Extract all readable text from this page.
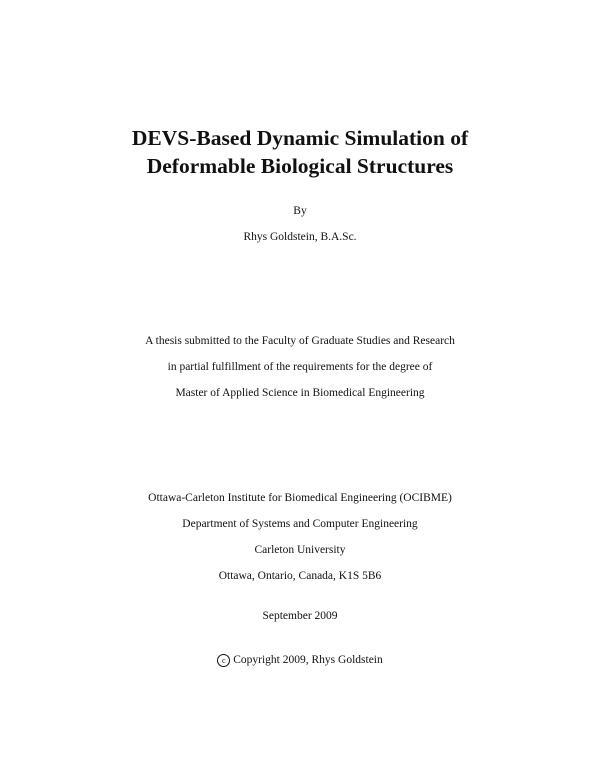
DEVS-Based Dynamic Simulation of
Deformable Biological Structures
By
Rhys Goldstein, B.A.Sc.
A thesis submitted to the Faculty of Graduate Studies and Research
in partial fulfillment of the requirements for the degree of
Master of Applied Science in Biomedical Engineering
Ottawa-Carleton Institute for Biomedical Engineering (OCIBME)
Department of Systems and Computer Engineering
Carleton University
Ottawa, Ontario, Canada, K1S 5B6
September 2009
c Copyright 2009, Rhys Goldstein
